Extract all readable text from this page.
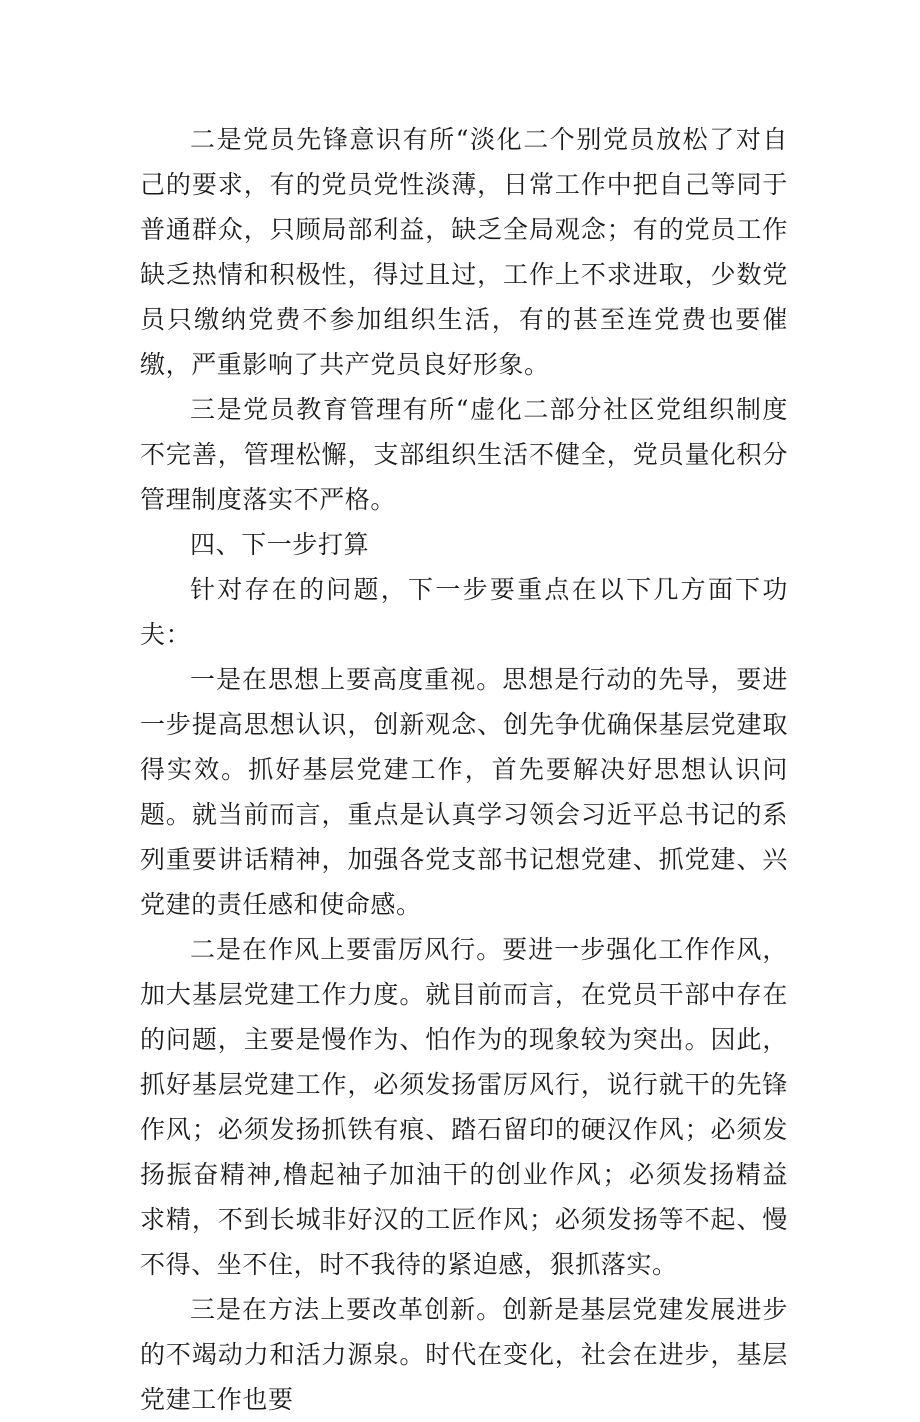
二是党员先锋意识有所“淡化二个别党员放松了对自己的要求，有的党员党性淡薄，日常工作中把自己等同于普通群众，只顾局部利益，缺乏全局观念；有的党员工作缺乏热情和积极性，得过且过，工作上不求进取，少数党员只缴纳党费不参加组织生活，有的甚至连党费也要催缴，严重影响了共产党员良好形象。

三是党员教育管理有所“虚化二部分社区党组织制度不完善，管理松懈，支部组织生活不健全，党员量化积分管理制度落实不严格。

四、下一步打算

针对存在的问题，下一步要重点在以下几方面下功夫：

一是在思想上要高度重视。思想是行动的先导，要进一步提高思想认识，创新观念、创先争优确保基层党建取得实效。抓好基层党建工作，首先要解决好思想认识问题。就当前而言，重点是认真学习领会习近平总书记的系列重要讲话精神，加强各党支部书记想党建、抓党建、兴党建的责任感和使命感。

二是在作风上要雷厉风行。要进一步强化工作作风，加大基层党建工作力度。就目前而言，在党员干部中存在的问题，主要是慢作为、怕作为的现象较为突出。因此，抓好基层党建工作，必须发扬雷厉风行，说行就干的先锋作风；必须发扬抓铁有痕、踏石留印的硬汉作风；必须发扬振奋精神,橹起袖子加油干的创业作风；必须发扬精益求精，不到长城非好汉的工匠作风；必须发扬等不起、慢不得、坐不住，时不我待的紧迫感，狠抓落实。

三是在方法上要改革创新。创新是基层党建发展进步的不竭动力和活力源泉。时代在变化，社会在进步，基层党建工作也要
